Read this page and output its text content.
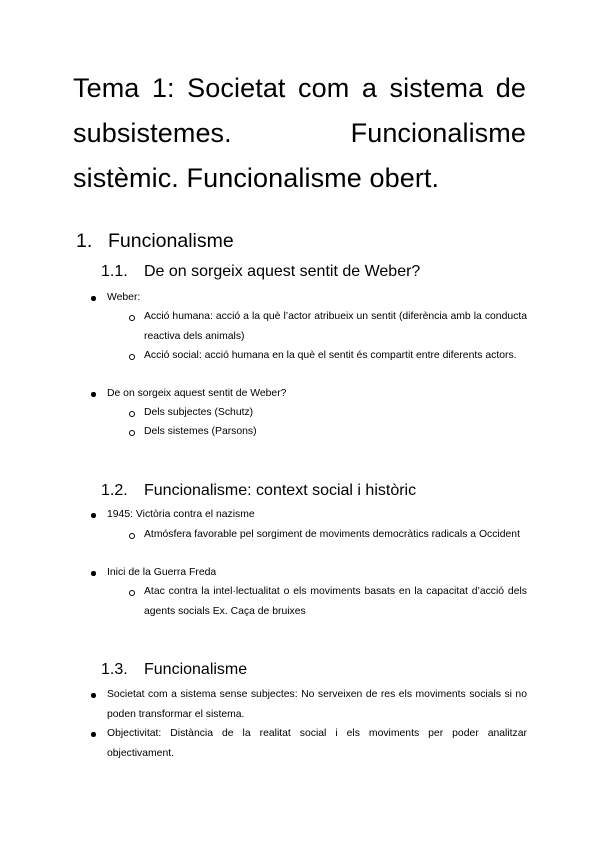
Tema 1: Societat com a sistema de subsistemes. Funcionalisme sistèmic. Funcionalisme obert.
1. Funcionalisme
1.1. De on sorgeix aquest sentit de Weber?
Weber:
Acció humana: acció a la què l’actor atribueix un sentit (diferència amb la conducta reactiva dels animals)
Acció social: acció humana en la què el sentit és compartit entre diferents actors.
De on sorgeix aquest sentit de Weber?
Dels subjectes (Schutz)
Dels sistemes (Parsons)
1.2. Funcionalisme: context social i històric
1945: Victòria contra el nazisme
Atmósfera favorable pel sorgiment de moviments democràtics radicals a Occident
Inici de la Guerra Freda
Atac contra la intel·lectualitat o els moviments basats en la capacitat d’acció dels agents socials Ex. Caça de bruixes
1.3. Funcionalisme
Societat com a sistema sense subjectes: No serveixen de res els moviments socials si no poden transformar el sistema.
Objectivitat: Distància de la realitat social i els moviments per poder analitzar objectivament.
